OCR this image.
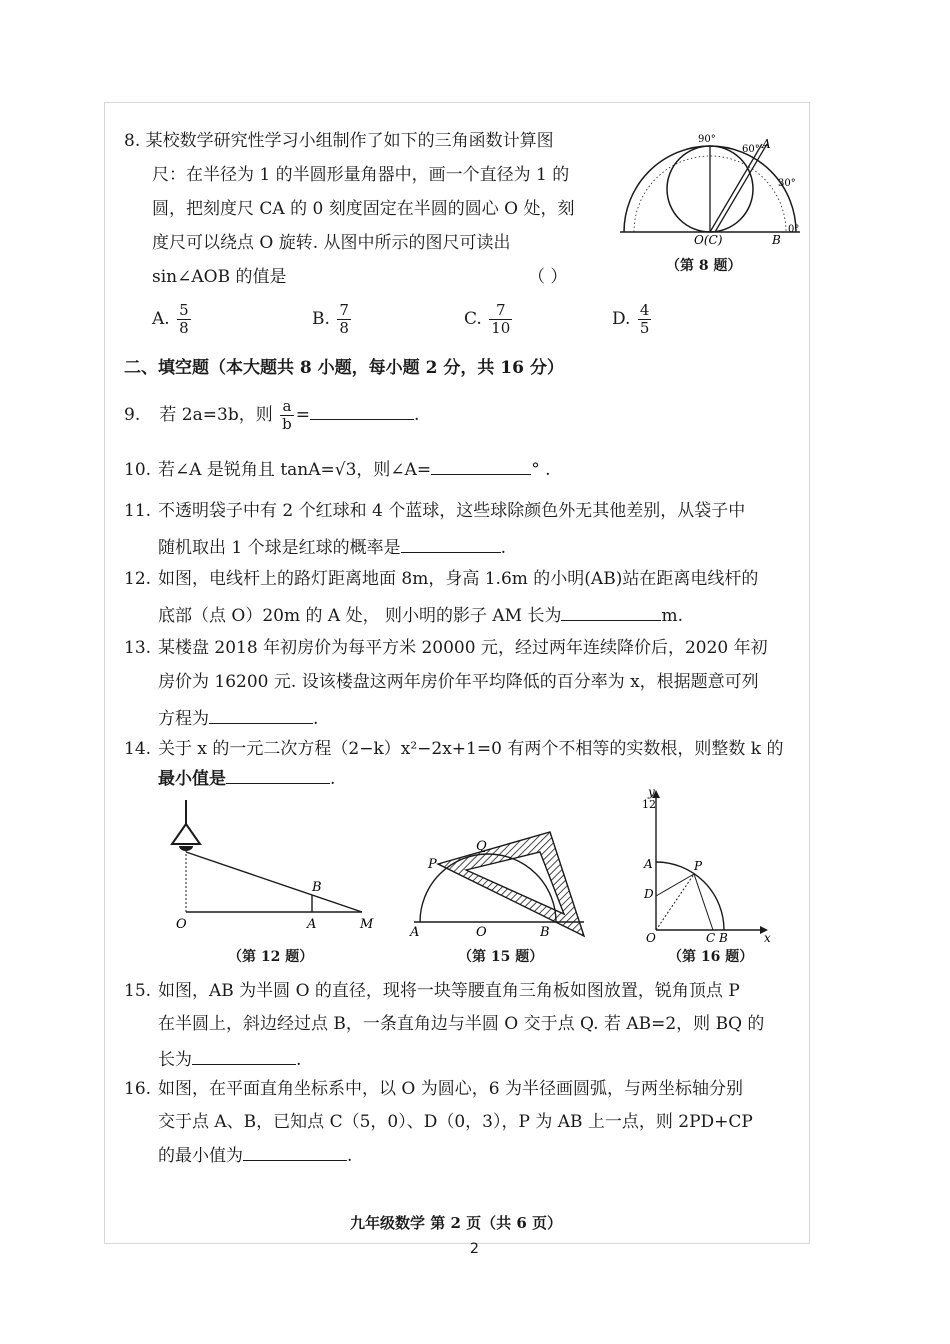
8. 某校数学研究性学习小组制作了如下的三角函数计算图
尺：在半径为 1 的半圆形量角器中，画一个直径为 1 的
圆，把刻度尺 CA 的 0 刻度固定在半圆的圆心 O 处，刻
度尺可以绕点 O 旋转. 从图中所示的图尺可读出
sin∠AOB 的值是	（ ）
A. $\frac{5}{8}$	B. $\frac{7}{8}$	C. $\frac{7}{10}$	D. $\frac{4}{5}$
90°
60° A
30°
0°
B
O(C)
（第 8 题）
二、填空题（本大题共 8 小题，每小题 2 分，共 16 分）
9. 若 2a=3b，则 $\frac{a}{b}$ =	.
10. 若∠A 是锐角且 tanA=√3，则∠A=	° .
11. 不透明袋子中有 2 个红球和 4 个蓝球，这些球除颜色外无其他差别，从袋子中
随机取出 1 个球是红球的概率是	.
12. 如图，电线杆上的路灯距离地面 8m，身高 1.6m 的小明(AB)站在距离电线杆的
底部（点 O）20m 的 A 处， 则小明的影子 AM 长为	m.
13. 某楼盘 2018 年初房价为每平方米 20000 元，经过两年连续降价后，2020 年初
房价为 16200 元. 设该楼盘这两年房价年平均降低的百分率为 x，根据题意可列
方程为	.
14. 关于 x 的一元二次方程（2−k）x²−2x+1=0 有两个不相等的实数根，则整数 k 的
最小值是	.
O	A
B
M
（第 12 题）
A	O	B
P
Q
（第 15 题）
y
12
A
D
P
O	C B	x
（第 16 题）
15. 如图，AB 为半圆 O 的直径，现将一块等腰直角三角板如图放置，锐角顶点 P
在半圆上，斜边经过点 B，一条直角边与半圆 O 交于点 Q. 若 AB=2，则 BQ 的
长为	.
16. 如图，在平面直角坐标系中，以 O 为圆心，6 为半径画圆弧，与两坐标轴分别
交于点 A、B，已知点 C（5，0）、D（0，3），P 为 AB 上一点，则 2PD+CP
的最小值为	.
九年级数学 第 2 页（共 6 页）
2
